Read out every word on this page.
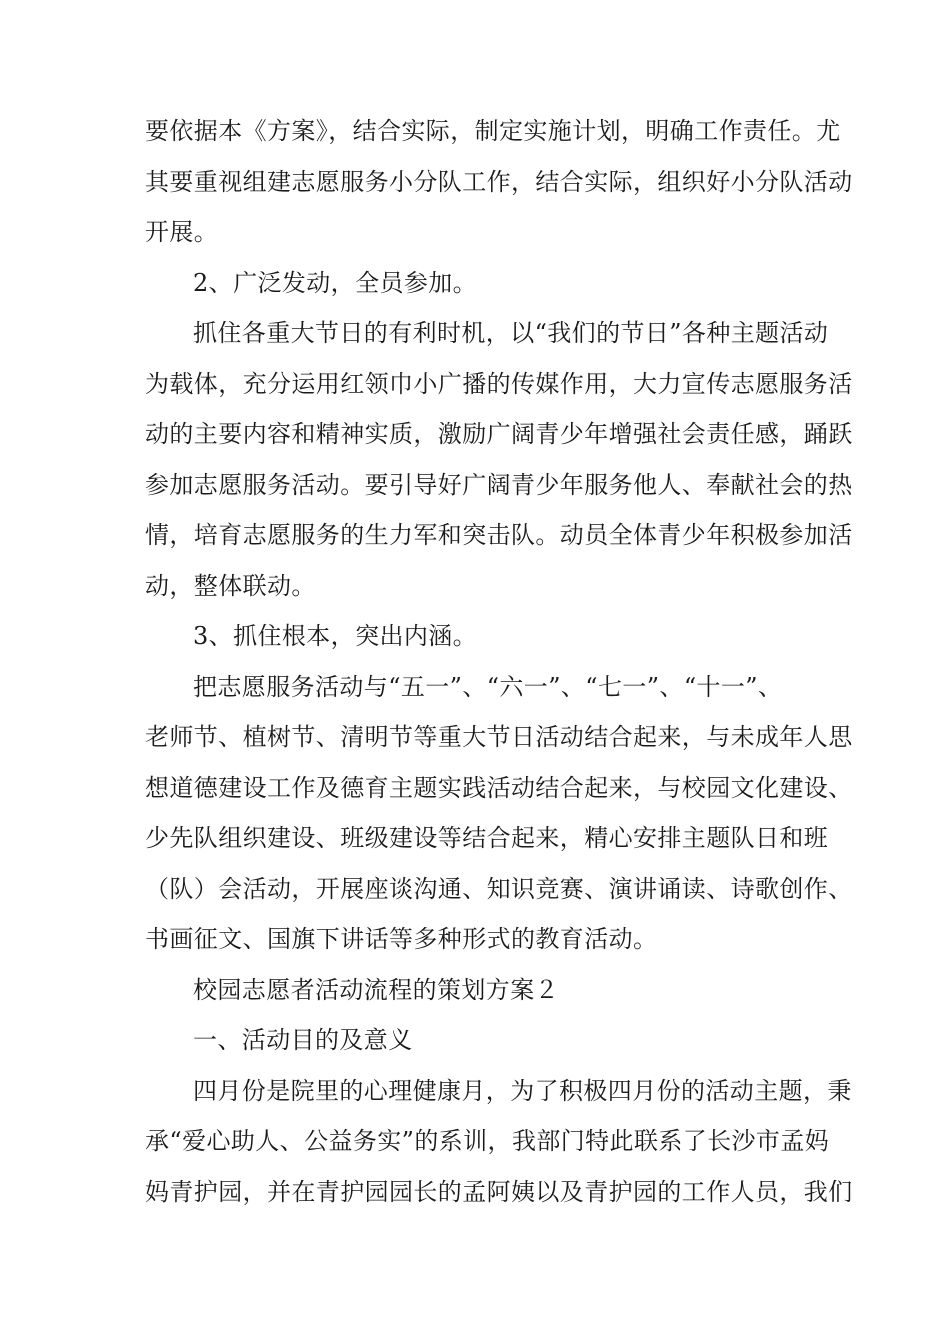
要依据本《方案》，结合实际，制定实施计划，明确工作责任。尤
其要重视组建志愿服务小分队工作，结合实际，组织好小分队活动
开展。
2、广泛发动，全员参加。
抓住各重大节日的有利时机，以“我们的节日”各种主题活动
为载体，充分运用红领巾小广播的传媒作用，大力宣传志愿服务活
动的主要内容和精神实质，激励广阔青少年增强社会责任感，踊跃
参加志愿服务活动。要引导好广阔青少年服务他人、奉献社会的热
情，培育志愿服务的生力军和突击队。动员全体青少年积极参加活
动，整体联动。
3、抓住根本，突出内涵。
把志愿服务活动与“五一”、“六一”、“七一”、“十一”、
老师节、植树节、清明节等重大节日活动结合起来，与未成年人思
想道德建设工作及德育主题实践活动结合起来，与校园文化建设、
少先队组织建设、班级建设等结合起来，精心安排主题队日和班
（队）会活动，开展座谈沟通、知识竞赛、演讲诵读、诗歌创作、
书画征文、国旗下讲话等多种形式的教育活动。
校园志愿者活动流程的策划方案２
一、活动目的及意义
四月份是院里的心理健康月，为了积极四月份的活动主题，秉
承“爱心助人、公益务实”的系训，我部门特此联系了长沙市孟妈
妈青护园，并在青护园园长的孟阿姨以及青护园的工作人员，我们
